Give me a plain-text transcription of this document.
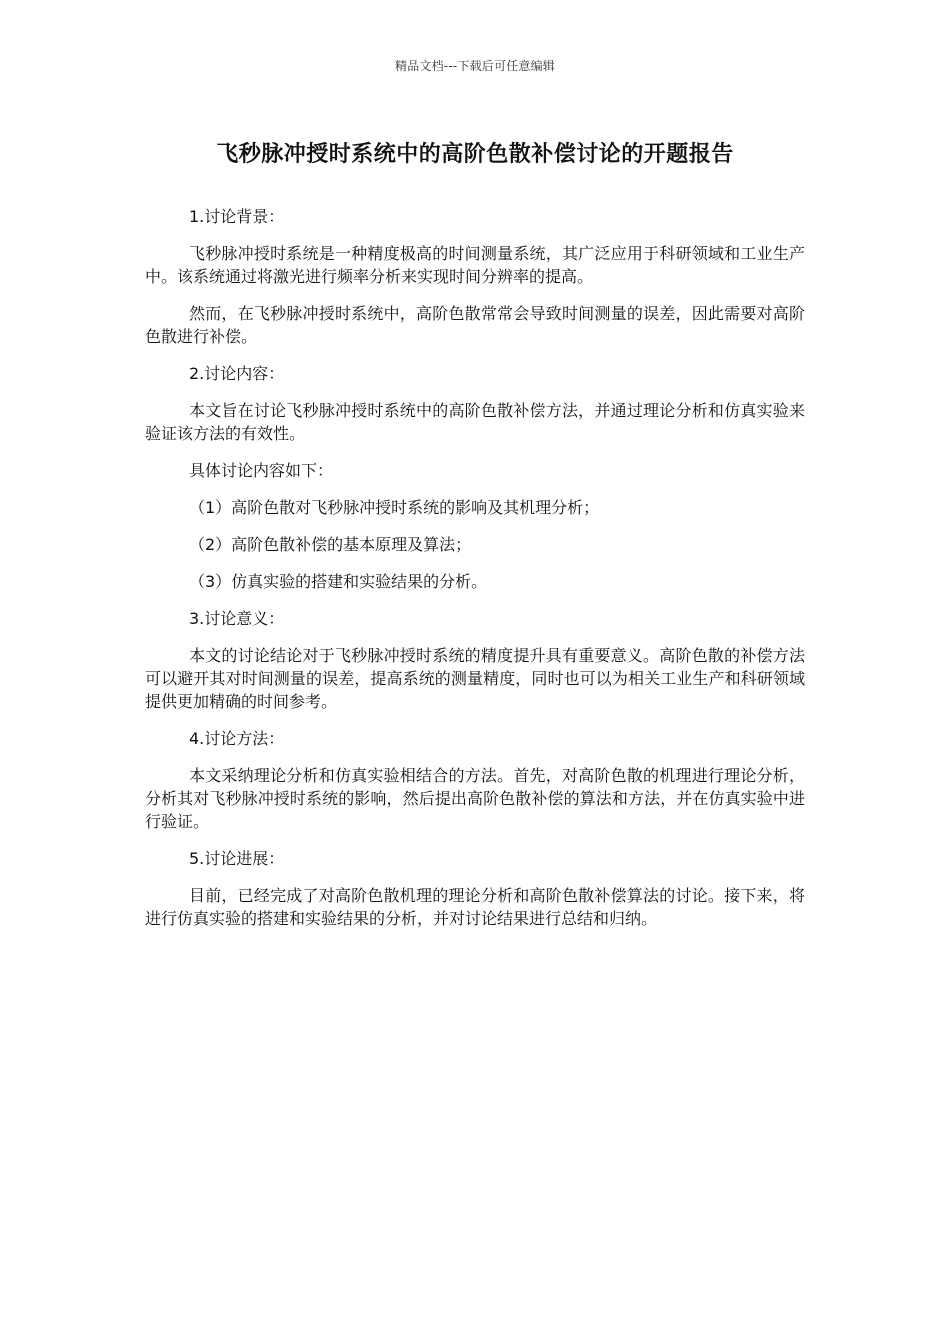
精品文档---下载后可任意编辑
飞秒脉冲授时系统中的高阶色散补偿讨论的开题报告

1.讨论背景：

飞秒脉冲授时系统是一种精度极高的时间测量系统，其广泛应用于科研领域和工业生产中。该系统通过将激光进行频率分析来实现时间分辨率的提高。

然而，在飞秒脉冲授时系统中，高阶色散常常会导致时间测量的误差，因此需要对高阶色散进行补偿。

2.讨论内容：

本文旨在讨论飞秒脉冲授时系统中的高阶色散补偿方法，并通过理论分析和仿真实验来验证该方法的有效性。

具体讨论内容如下：

（1）高阶色散对飞秒脉冲授时系统的影响及其机理分析；

（2）高阶色散补偿的基本原理及算法；

（3）仿真实验的搭建和实验结果的分析。

3.讨论意义：

本文的讨论结论对于飞秒脉冲授时系统的精度提升具有重要意义。高阶色散的补偿方法可以避开其对时间测量的误差，提高系统的测量精度，同时也可以为相关工业生产和科研领域提供更加精确的时间参考。

4.讨论方法：

本文采纳理论分析和仿真实验相结合的方法。首先，对高阶色散的机理进行理论分析，分析其对飞秒脉冲授时系统的影响，然后提出高阶色散补偿的算法和方法，并在仿真实验中进行验证。

5.讨论进展：

目前，已经完成了对高阶色散机理的理论分析和高阶色散补偿算法的讨论。接下来，将进行仿真实验的搭建和实验结果的分析，并对讨论结果进行总结和归纳。
